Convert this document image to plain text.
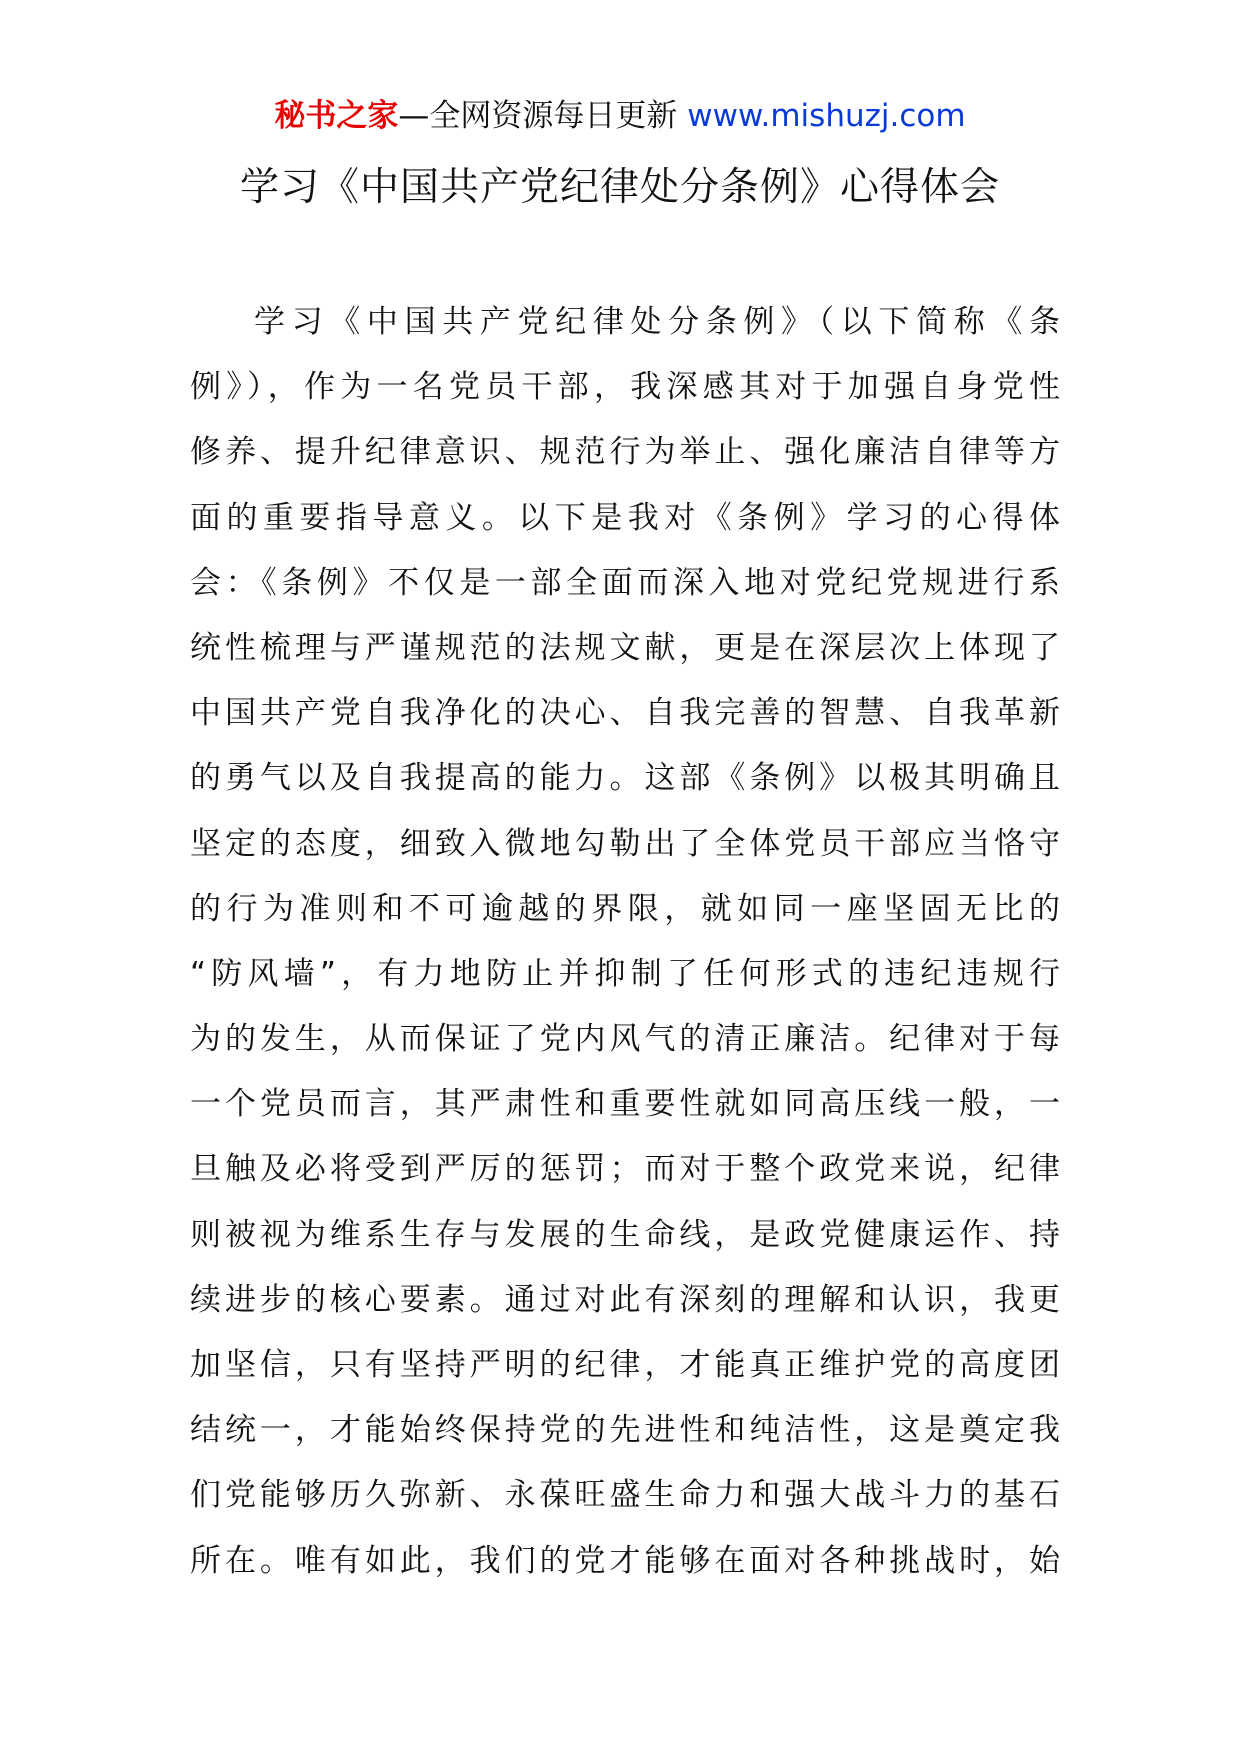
秘书之家—全网资源每日更新 www.mishuzj.com
学习《中国共产党纪律处分条例》心得体会
学习《中国共产党纪律处分条例》（以下简称《条
例》），作为一名党员干部，我深感其对于加强自身党性
修养、提升纪律意识、规范行为举止、强化廉洁自律等方
面的重要指导意义。以下是我对《条例》学习的心得体
会：《条例》不仅是一部全面而深入地对党纪党规进行系
统性梳理与严谨规范的法规文献，更是在深层次上体现了
中国共产党自我净化的决心、自我完善的智慧、自我革新
的勇气以及自我提高的能力。这部《条例》以极其明确且
坚定的态度，细致入微地勾勒出了全体党员干部应当恪守
的行为准则和不可逾越的界限，就如同一座坚固无比的
“防风墙”，有力地防止并抑制了任何形式的违纪违规行
为的发生，从而保证了党内风气的清正廉洁。纪律对于每
一个党员而言，其严肃性和重要性就如同高压线一般，一
旦触及必将受到严厉的惩罚；而对于整个政党来说，纪律
则被视为维系生存与发展的生命线，是政党健康运作、持
续进步的核心要素。通过对此有深刻的理解和认识，我更
加坚信，只有坚持严明的纪律，才能真正维护党的高度团
结统一，才能始终保持党的先进性和纯洁性，这是奠定我
们党能够历久弥新、永葆旺盛生命力和强大战斗力的基石
所在。唯有如此，我们的党才能够在面对各种挑战时，始
